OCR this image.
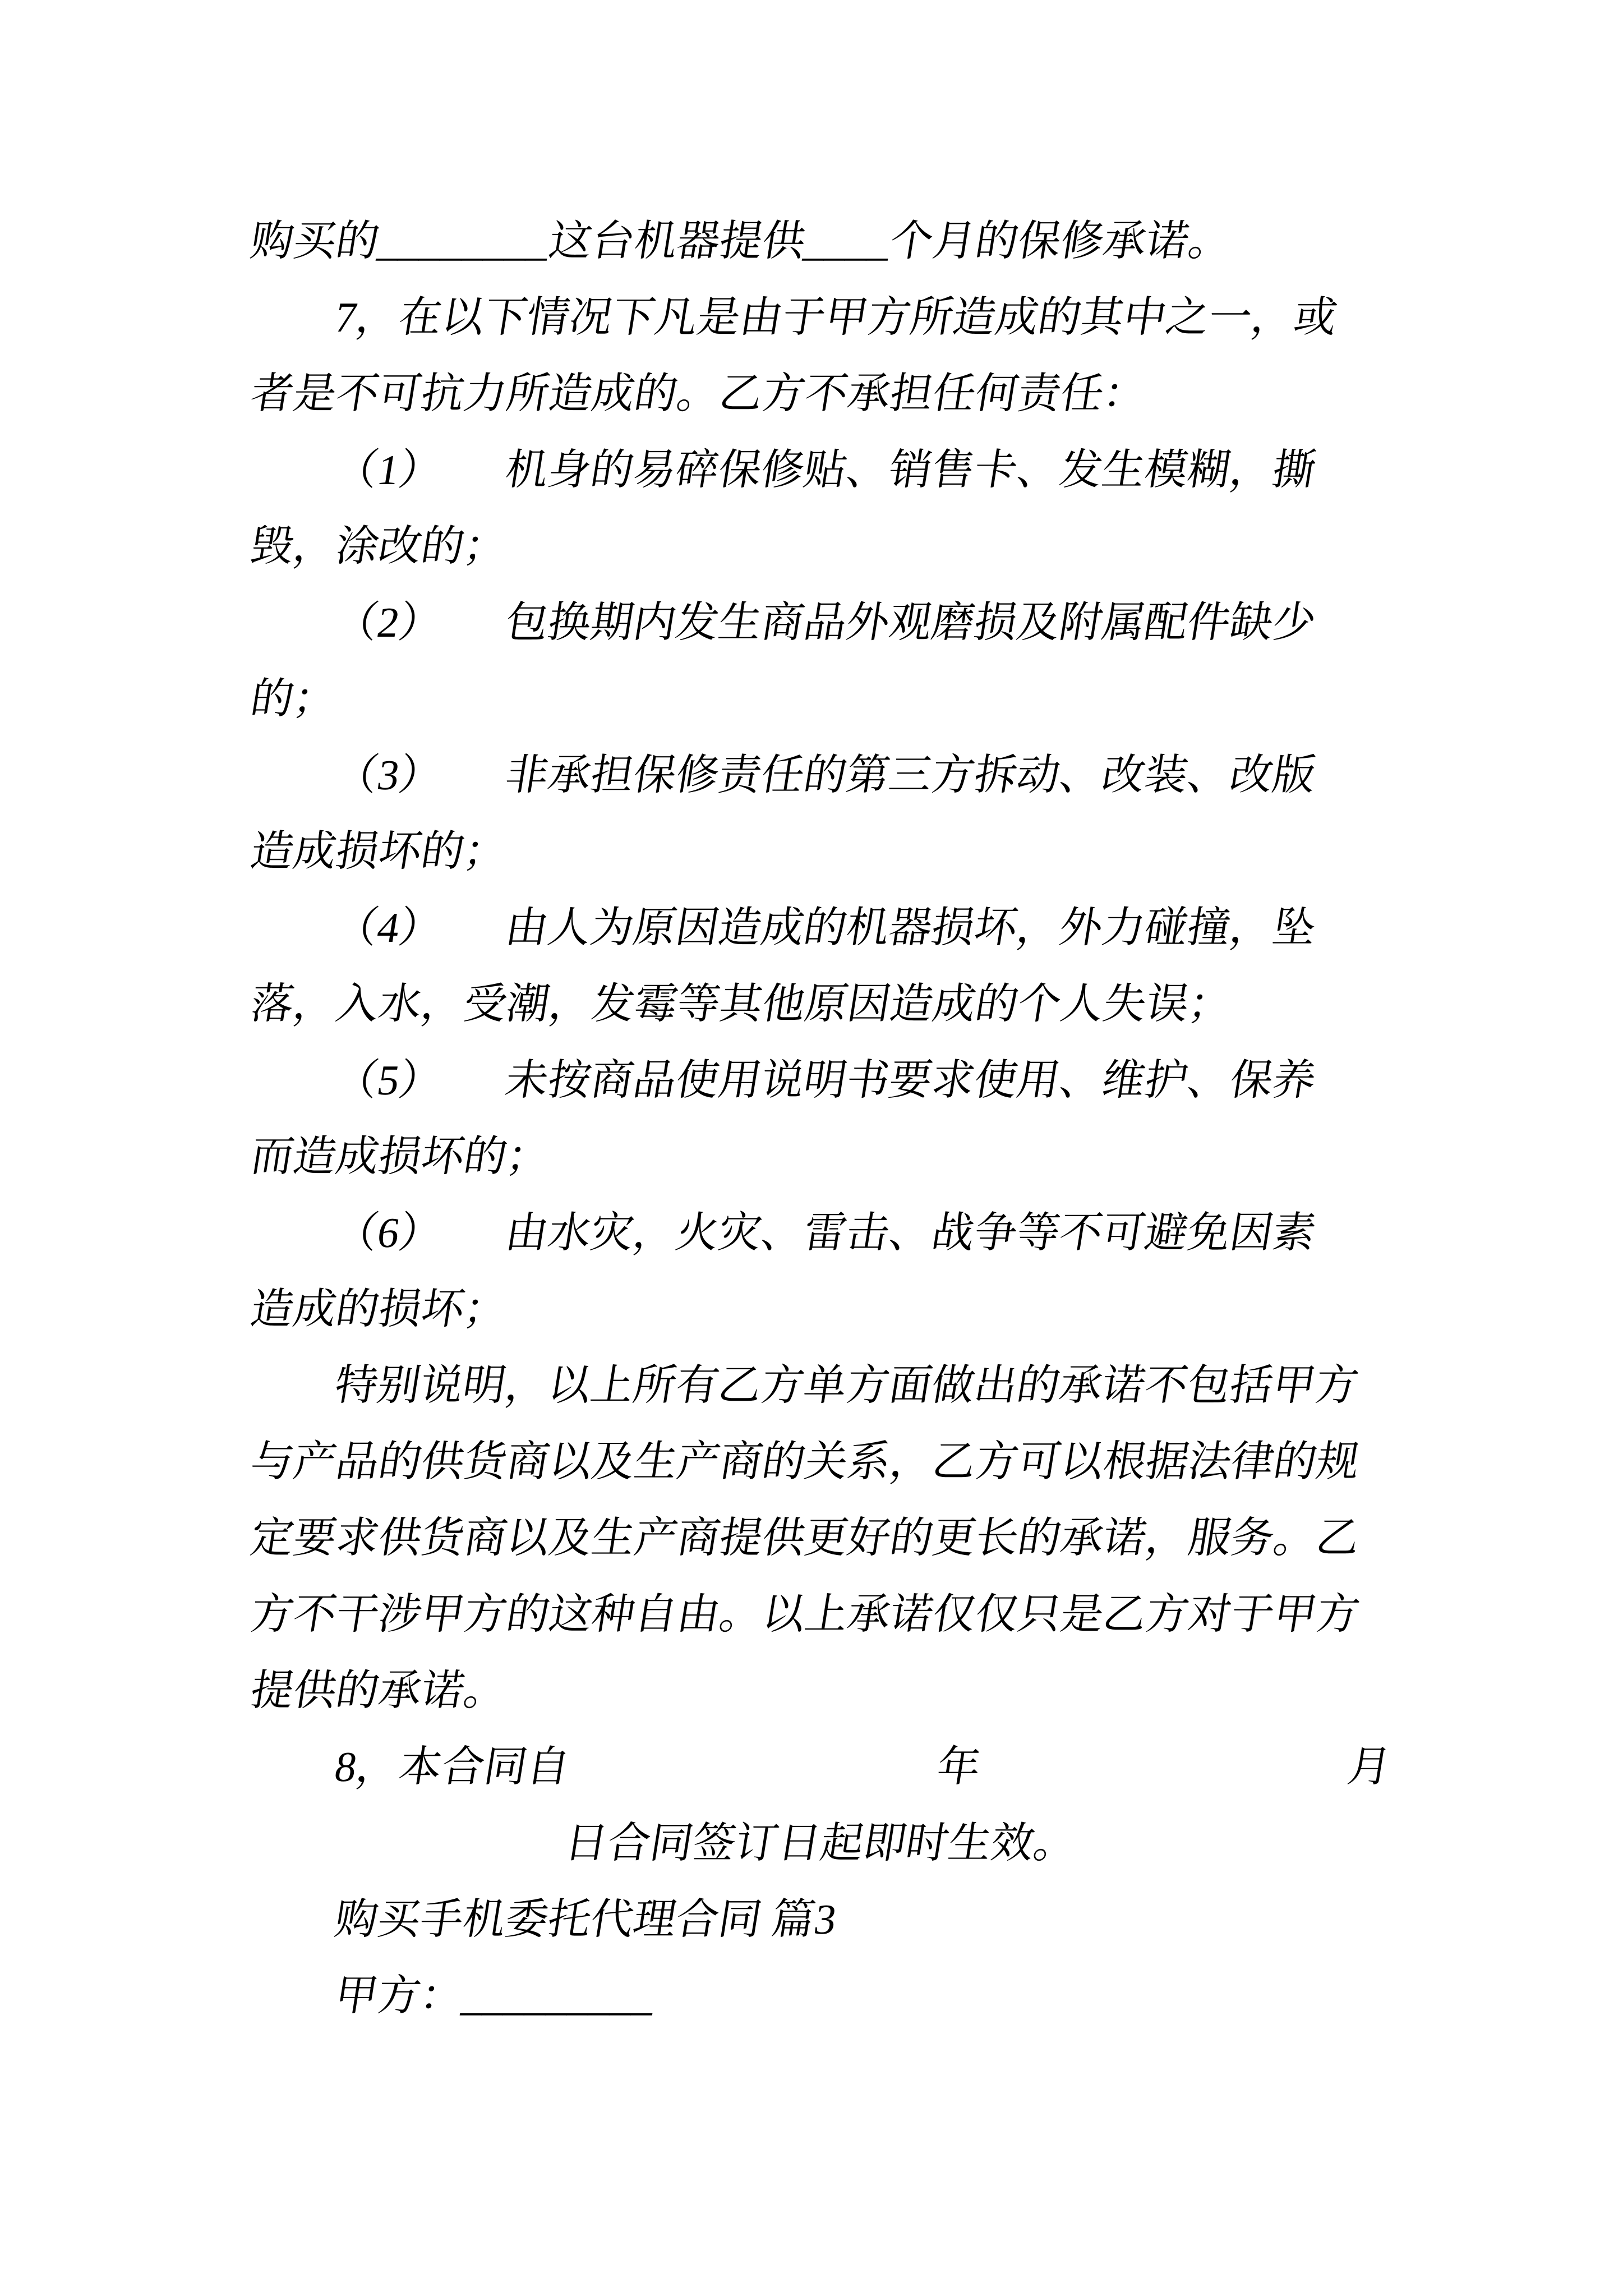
购买的________这台机器提供____个月的保修承诺。
7，在以下情况下凡是由于甲方所造成的其中之一，或
者是不可抗力所造成的。乙方不承担任何责任：
（1）　　机身的易碎保修贴、销售卡、发生模糊，撕
毁，涂改的；
（2）　　包换期内发生商品外观磨损及附属配件缺少
的；
（3）　　非承担保修责任的第三方拆动、改装、改版
造成损坏的；
（4）　　由人为原因造成的机器损坏，外力碰撞，坠
落，入水，受潮，发霉等其他原因造成的个人失误；
（5）　　未按商品使用说明书要求使用、维护、保养
而造成损坏的；
（6）　　由水灾，火灾、雷击、战争等不可避免因素
造成的损坏；
特别说明，以上所有乙方单方面做出的承诺不包括甲方
与产品的供货商以及生产商的关系，乙方可以根据法律的规
定要求供货商以及生产商提供更好的更长的承诺，服务。乙
方不干涉甲方的这种自由。以上承诺仅仅只是乙方对于甲方
提供的承诺。
8，本合同自	年	月
日合同签订日起即时生效。
购买手机委托代理合同 篇3
甲方：_________
